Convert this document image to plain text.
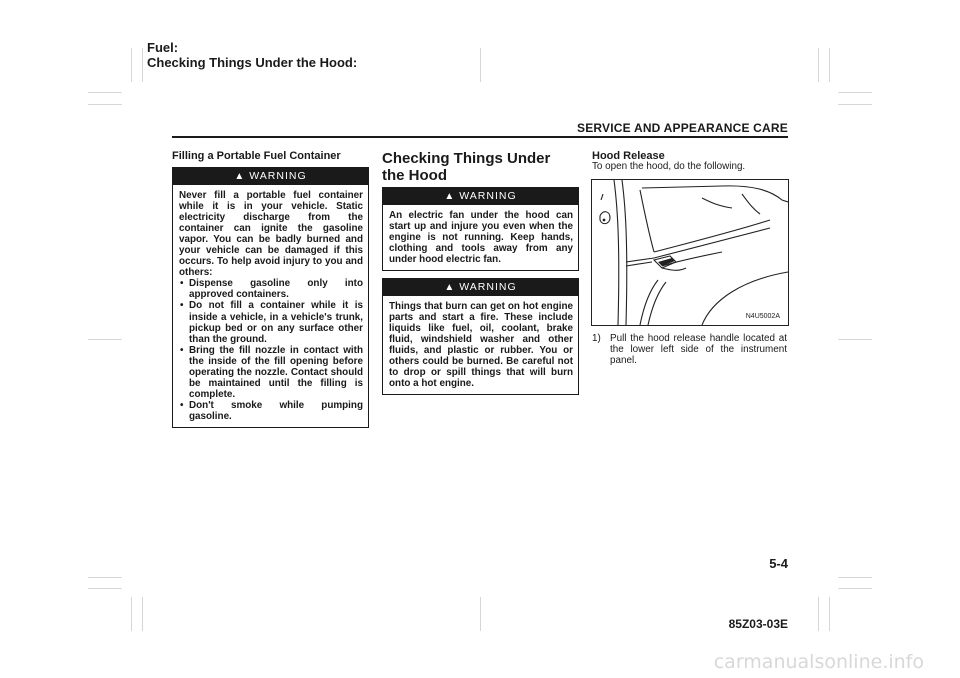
Fuel:
Checking Things Under the Hood:
SERVICE AND APPEARANCE CARE
Filling a Portable Fuel Container
▲ WARNING
Never fill a portable fuel container while it is in your vehicle. Static electricity discharge from the container can ignite the gasoline vapor. You can be badly burned and your vehicle can be damaged if this occurs. To help avoid injury to you and others:
• Dispense gasoline only into approved containers.
• Do not fill a container while it is inside a vehicle, in a vehicle's trunk, pickup bed or on any surface other than the ground.
• Bring the fill nozzle in contact with the inside of the fill opening before operating the nozzle. Contact should be maintained until the filling is complete.
• Don't smoke while pumping gasoline.
Checking Things Under the Hood
▲ WARNING
An electric fan under the hood can start up and injure you even when the engine is not running. Keep hands, clothing and tools away from any under hood electric fan.
▲ WARNING
Things that burn can get on hot engine parts and start a fire. These include liquids like fuel, oil, coolant, brake fluid, windshield washer and other fluids, and plastic or rubber. You or others could be burned. Be careful not to drop or spill things that will burn onto a hot engine.
Hood Release
To open the hood, do the following.
N4U5002A
1) Pull the hood release handle located at the lower left side of the instrument panel.
5-4
85Z03-03E
carmanualsonline.info
